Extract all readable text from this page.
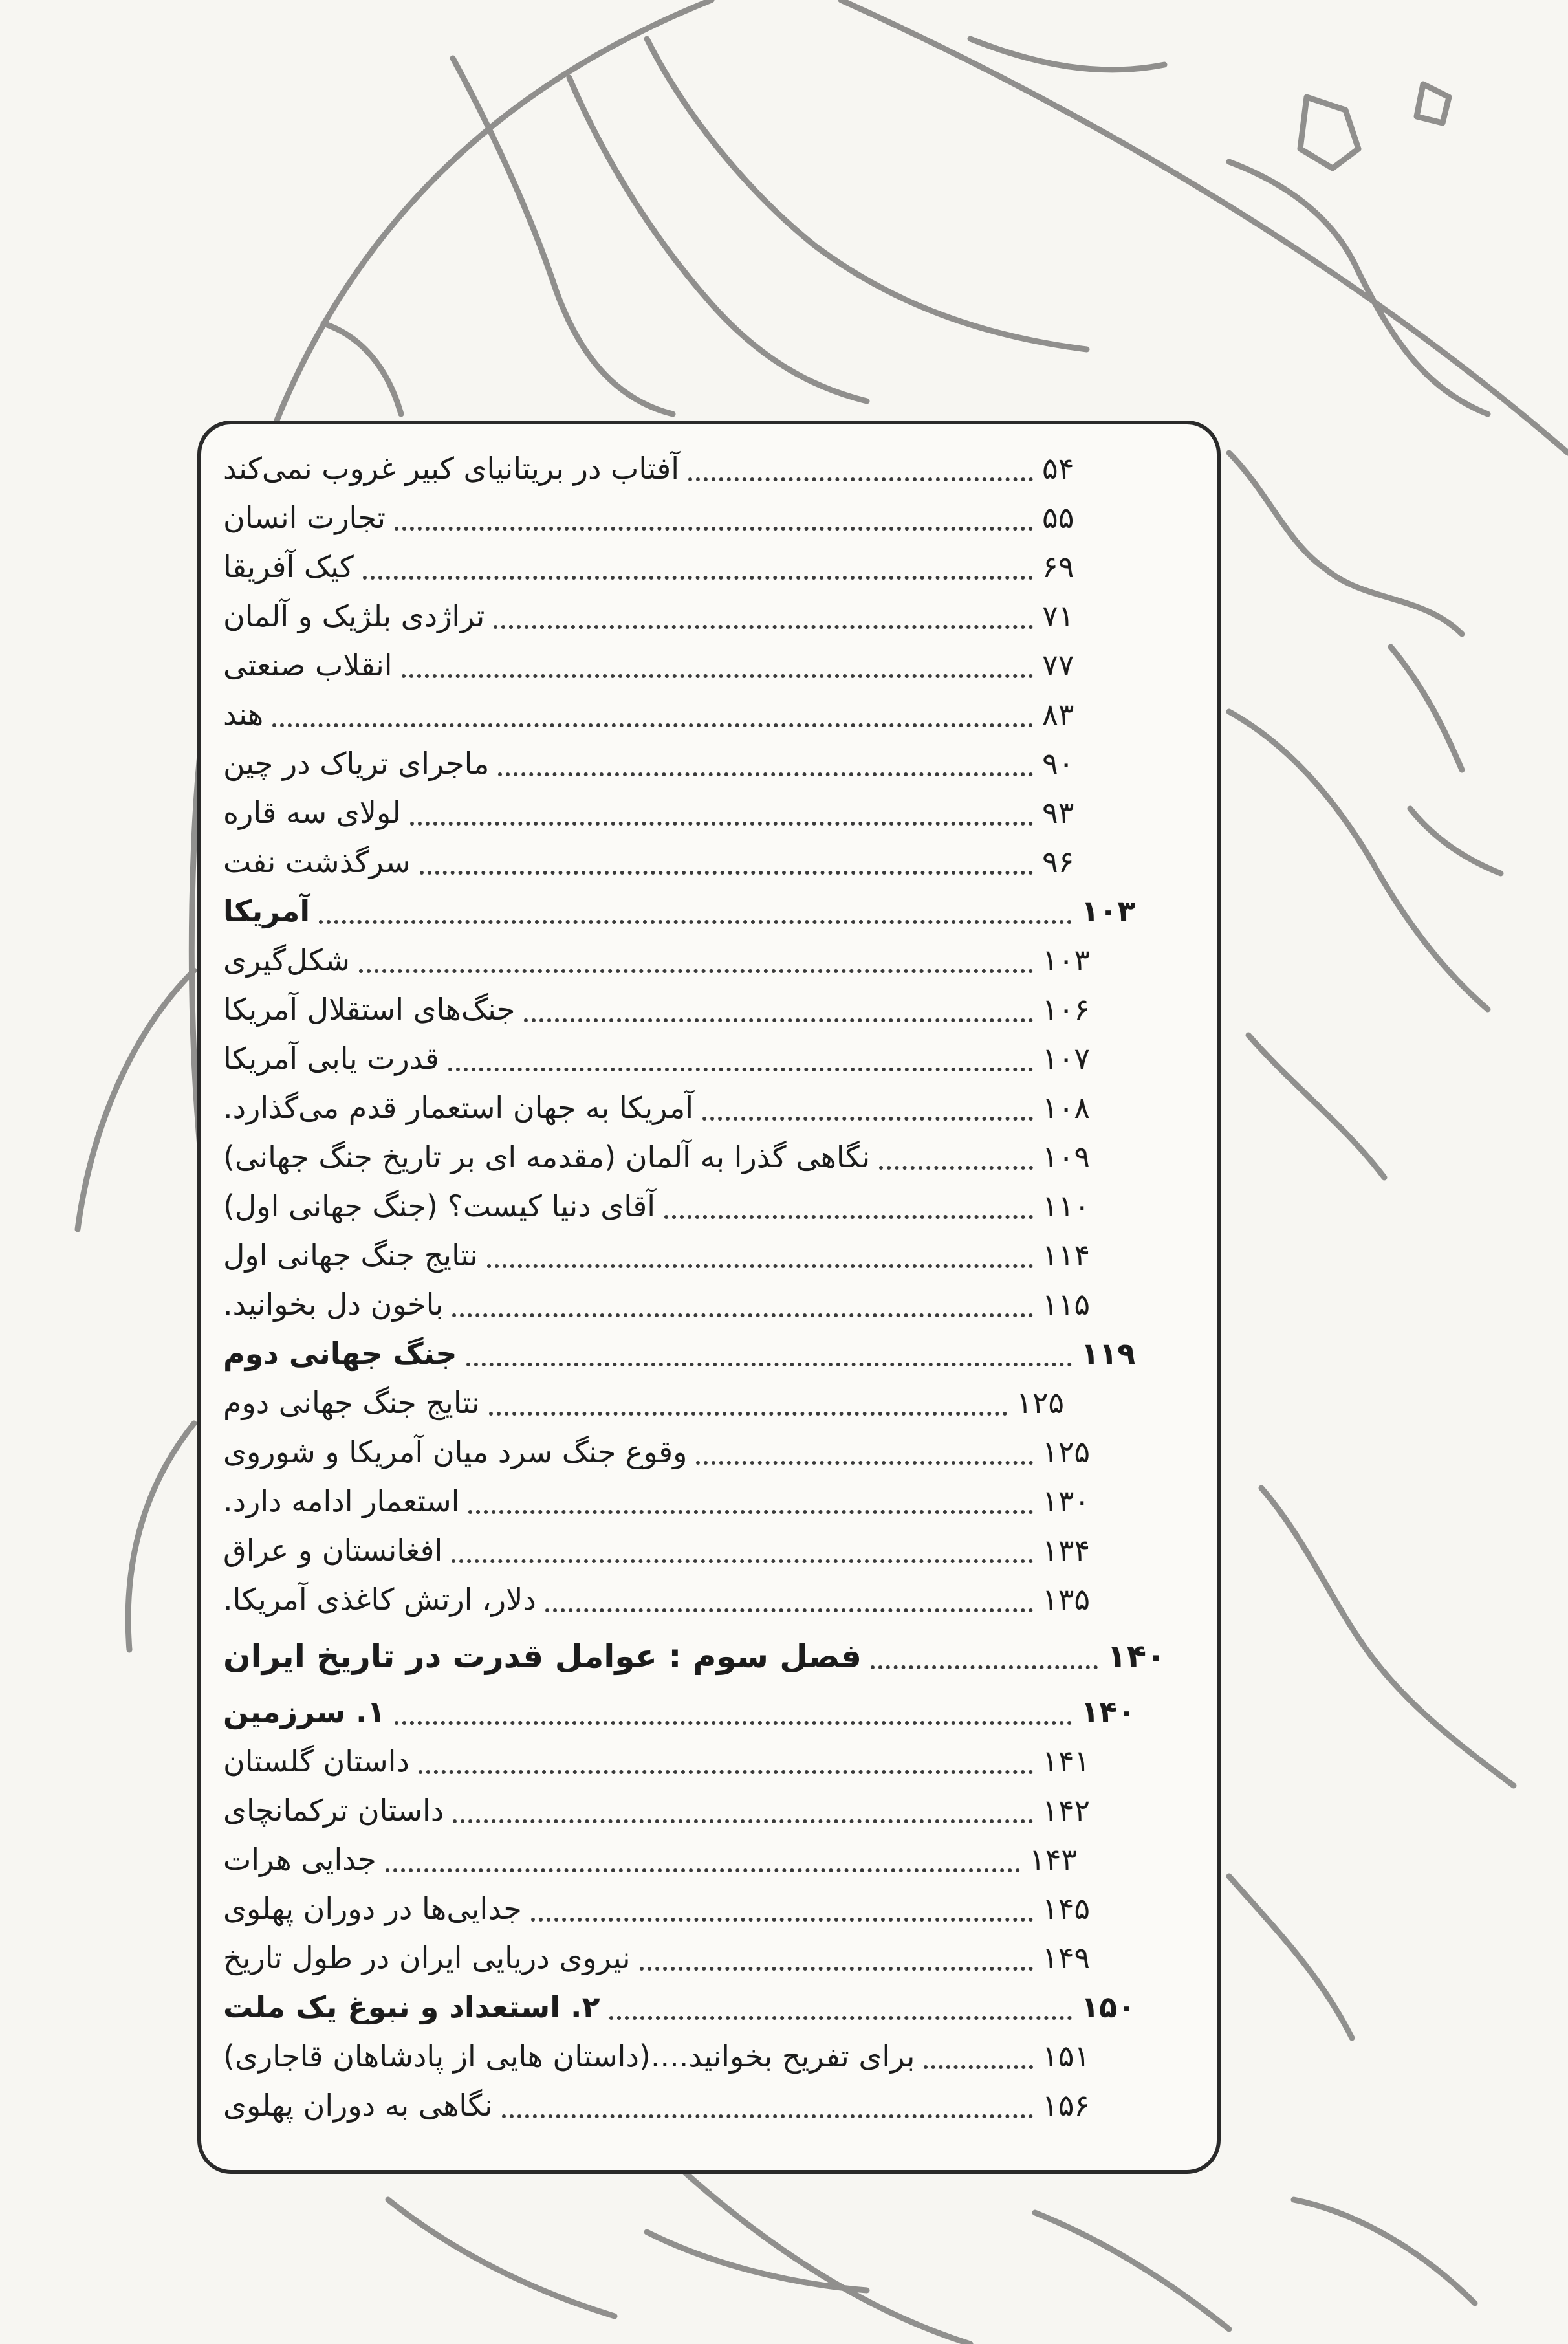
آفتاب در بریتانیای کبیر غروب نمی‌کند	۵۴
تجارت انسان	۵۵
کیک آفریقا	۶۹
تراژدی بلژیک و آلمان	۷۱
انقلاب صنعتی	۷۷
هند	۸۳
ماجرای تریاک در چین	۹۰
لولای سه قاره	۹۳
سرگذشت نفت	۹۶
آمریکا	۱۰۳
شکل‌گیری	۱۰۳
جنگ‌های استقلال آمریکا	۱۰۶
قدرت یابی آمریکا	۱۰۷
آمریکا به جهان استعمار قدم می‌گذارد.	۱۰۸
نگاهی گذرا به آلمان (مقدمه ای بر تاریخ جنگ جهانی)	۱۰۹
آقای دنیا کیست؟ (جنگ جهانی اول)	۱۱۰
نتایج جنگ جهانی اول	۱۱۴
باخون دل بخوانید.	۱۱۵
جنگ جهانی دوم	۱۱۹
نتایج جنگ جهانی دوم	۱۲۵
وقوع جنگ سرد میان آمریکا و شوروی	۱۲۵
استعمار ادامه دارد.	۱۳۰
افغانستان و عراق	۱۳۴
دلار، ارتش کاغذی آمریکا.	۱۳۵
فصل سوم : عوامل قدرت در تاریخ ایران	۱۴۰
۱. سرزمین	۱۴۰
داستان گلستان	۱۴۱
داستان ترکمانچای	۱۴۲
جدایی هرات	۱۴۳
جدایی‌ها در دوران پهلوی	۱۴۵
نیروی دریایی ایران در طول تاریخ	۱۴۹
۲. استعداد و نبوغ یک ملت	۱۵۰
برای تفریح بخوانید....(داستان هایی از پادشاهان قاجاری)	۱۵۱
نگاهی به دوران پهلوی	۱۵۶
